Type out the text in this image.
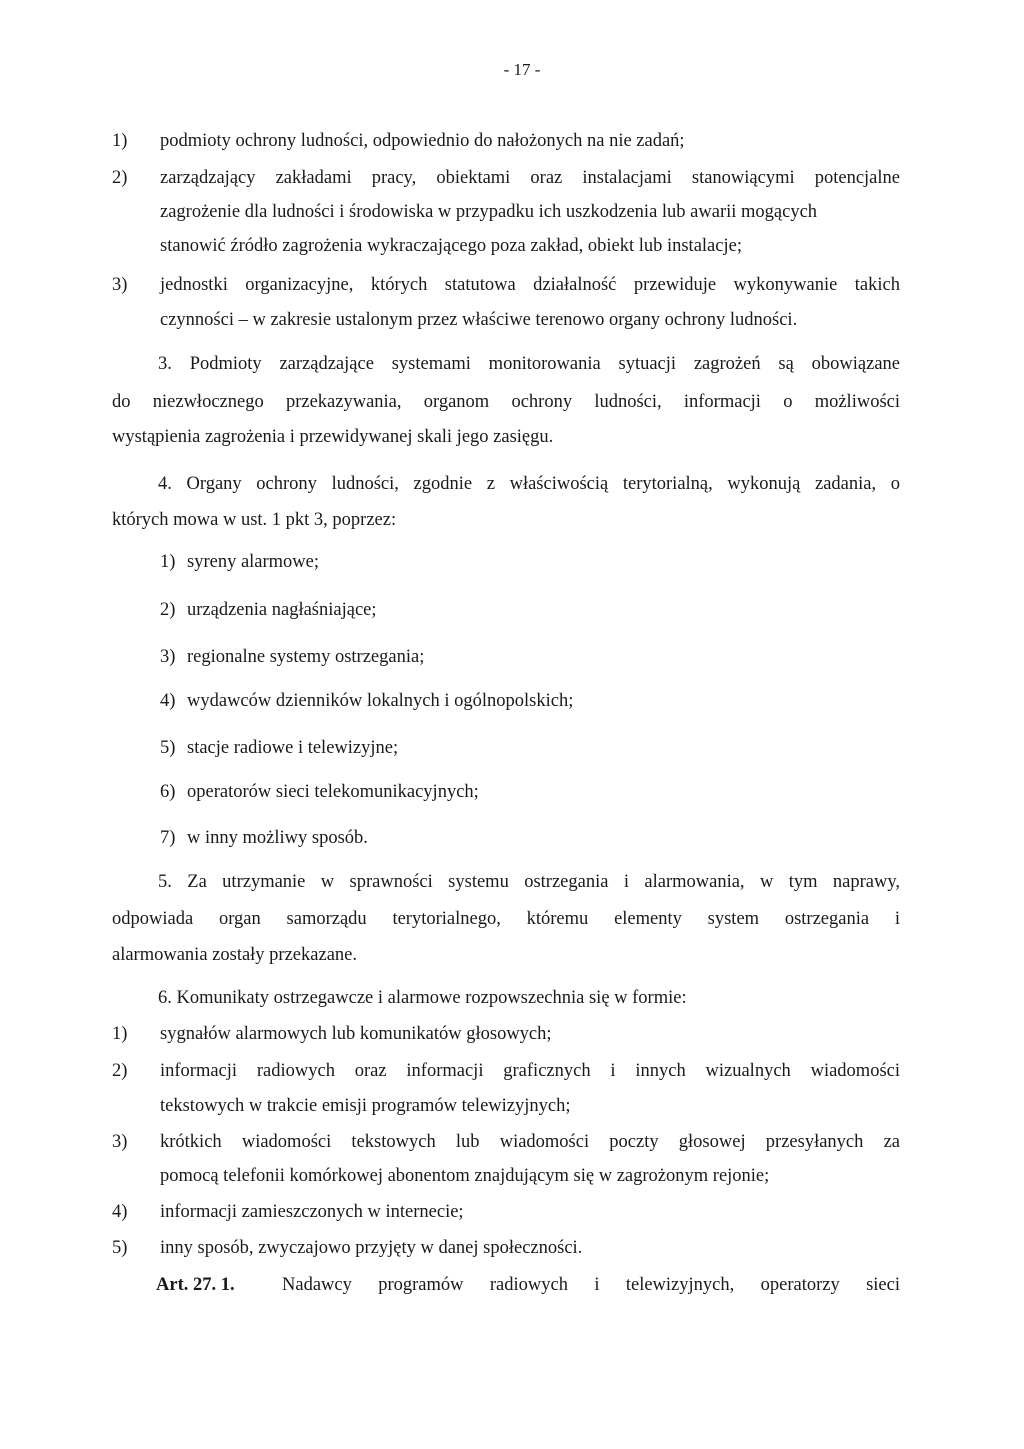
- 17 -
1) podmioty ochrony ludności, odpowiednio do nałożonych na nie zadań;
2) zarządzający zakładami pracy, obiektami oraz instalacjami stanowiącymi potencjalne
zagrożenie dla ludności i środowiska w przypadku ich uszkodzenia lub awarii mogących
stanowić źródło zagrożenia wykraczającego poza zakład, obiekt lub instalacje;
3) jednostki organizacyjne, których statutowa działalność przewiduje wykonywanie takich
czynności – w zakresie ustalonym przez właściwe terenowo organy ochrony ludności.
3. Podmioty zarządzające systemami monitorowania sytuacji zagrożeń są obowiązane
do niezwłocznego przekazywania, organom ochrony ludności, informacji o możliwości
wystąpienia zagrożenia i przewidywanej skali jego zasięgu.
4. Organy ochrony ludności, zgodnie z właściwością terytorialną, wykonują zadania, o
których mowa w ust. 1 pkt 3, poprzez:
1) syreny alarmowe;
2) urządzenia nagłaśniające;
3) regionalne systemy ostrzegania;
4) wydawców dzienników lokalnych i ogólnopolskich;
5) stacje radiowe i telewizyjne;
6) operatorów sieci telekomunikacyjnych;
7) w inny możliwy sposób.
5. Za utrzymanie w sprawności systemu ostrzegania i alarmowania, w tym naprawy,
odpowiada organ samorządu terytorialnego, któremu elementy system ostrzegania i
alarmowania zostały przekazane.
6. Komunikaty ostrzegawcze i alarmowe rozpowszechnia się w formie:
1) sygnałów alarmowych lub komunikatów głosowych;
2) informacji radiowych oraz informacji graficznych i innych wizualnych wiadomości
tekstowych w trakcie emisji programów telewizyjnych;
3) krótkich wiadomości tekstowych lub wiadomości poczty głosowej przesyłanych za
pomocą telefonii komórkowej abonentom znajdującym się w zagrożonym rejonie;
4) informacji zamieszczonych w internecie;
5) inny sposób, zwyczajowo przyjęty w danej społeczności.
Art. 27. 1.	Nadawcy programów radiowych i telewizyjnych, operatorzy sieci
